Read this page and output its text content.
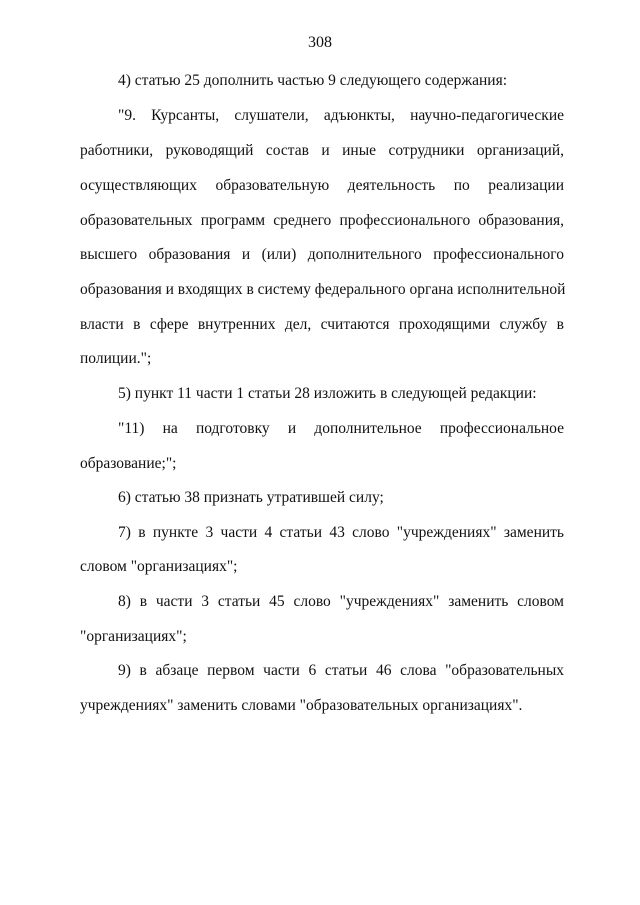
308
4) статью 25 дополнить частью 9 следующего содержания:
"9. Курсанты, слушатели, адъюнкты, научно-педагогические
работники, руководящий состав и иные сотрудники организаций,
осуществляющих образовательную деятельность по реализации
образовательных программ среднего профессионального образования,
высшего образования и (или) дополнительного профессионального
образования и входящих в систему федерального органа исполнительной
власти в сфере внутренних дел, считаются проходящими службу в
полиции.";
5) пункт 11 части 1 статьи 28 изложить в следующей редакции:
"11) на подготовку и дополнительное профессиональное
образование;";
6) статью 38 признать утратившей силу;
7) в пункте 3 части 4 статьи 43 слово "учреждениях" заменить
словом "организациях";
8) в части 3 статьи 45 слово "учреждениях" заменить словом
"организациях";
9) в абзаце первом части 6 статьи 46 слова "образовательных
учреждениях" заменить словами "образовательных организациях".
